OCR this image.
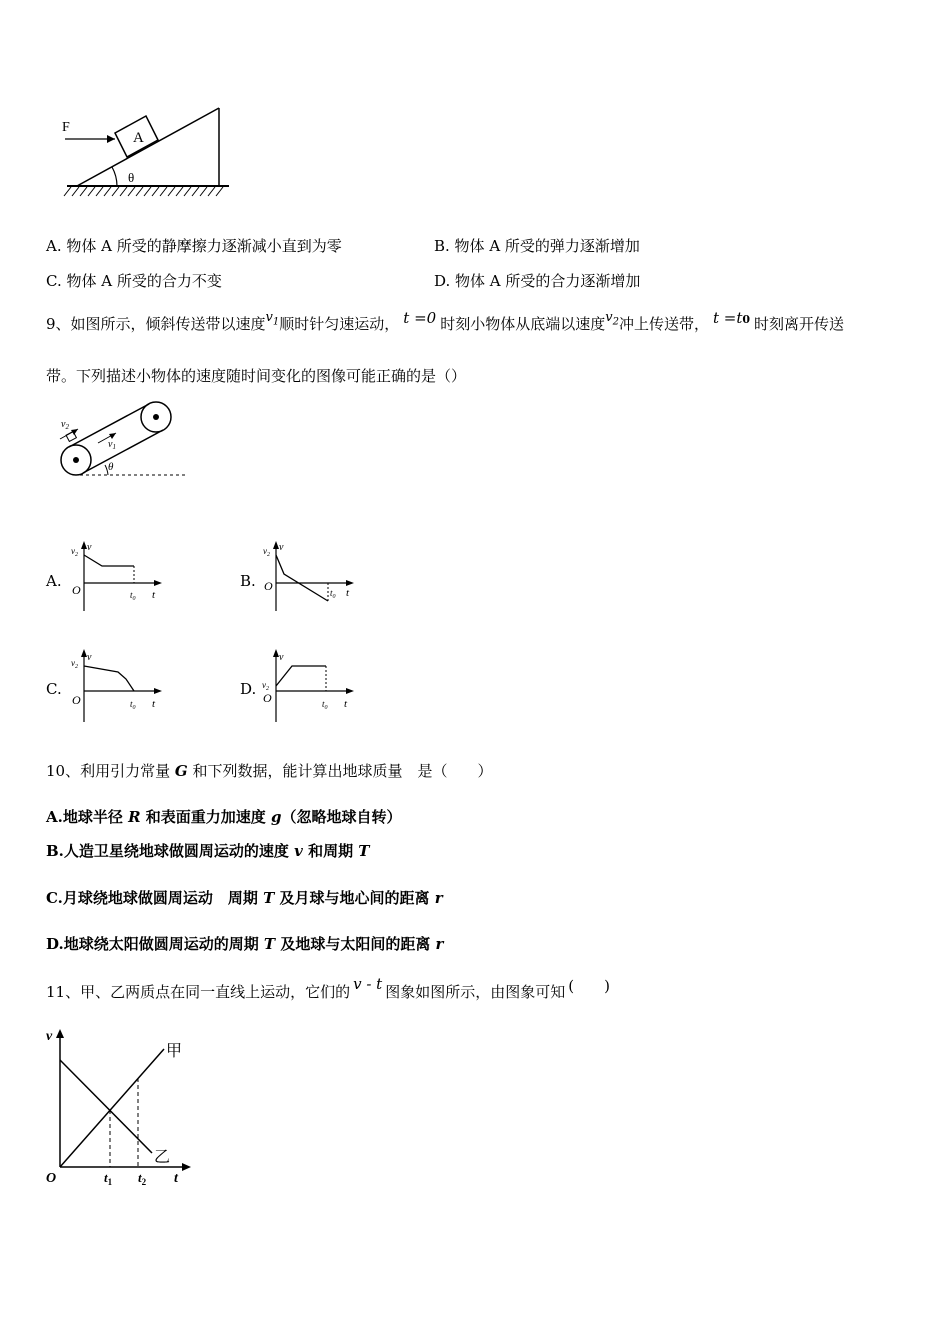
θ
A
F
A. 物体 A 所受的静摩擦力逐渐减小直到为零	B. 物体 A 所受的弹力逐渐增加
C. 物体 A 所受的合力不变	D. 物体 A 所受的合力逐渐增加
9、如图所示，倾斜传送带以速度$v_1$顺时针匀速运动， t =0 时刻小物体从底端以速度$v_2$冲上传送带， t =t0 时刻离开传送
带。下列描述小物体的速度随时间变化的图像可能正确的是（）
$v_2$
$v_1$
θ
A.
$v_2$
v
O	$t_0$ t
B.
$v_2$
v
O	$t_0$ t
C.
$v_2$
v
O	$t_0$ t
D. $v_2$
v
O	$t_0$ t
10、利用引力常量 G 和下列数据，能计算出地球质量　是（　　）
A.地球半径 R 和表面重力加速度 g（忽略地球自转）
B.人造卫星绕地球做圆周运动的速度 v 和周期 T
C.月球绕地球做圆周运动　周期 T 及月球与地心间的距离 r
D.地球绕太阳做圆周运动的周期 T 及地球与太阳间的距离 r
11、甲、乙两质点在同一直线上运动，它们的 v - t 图象如图所示，由图象可知 (　　)
v
O
甲
乙
$t_1$ $t_2$ t
